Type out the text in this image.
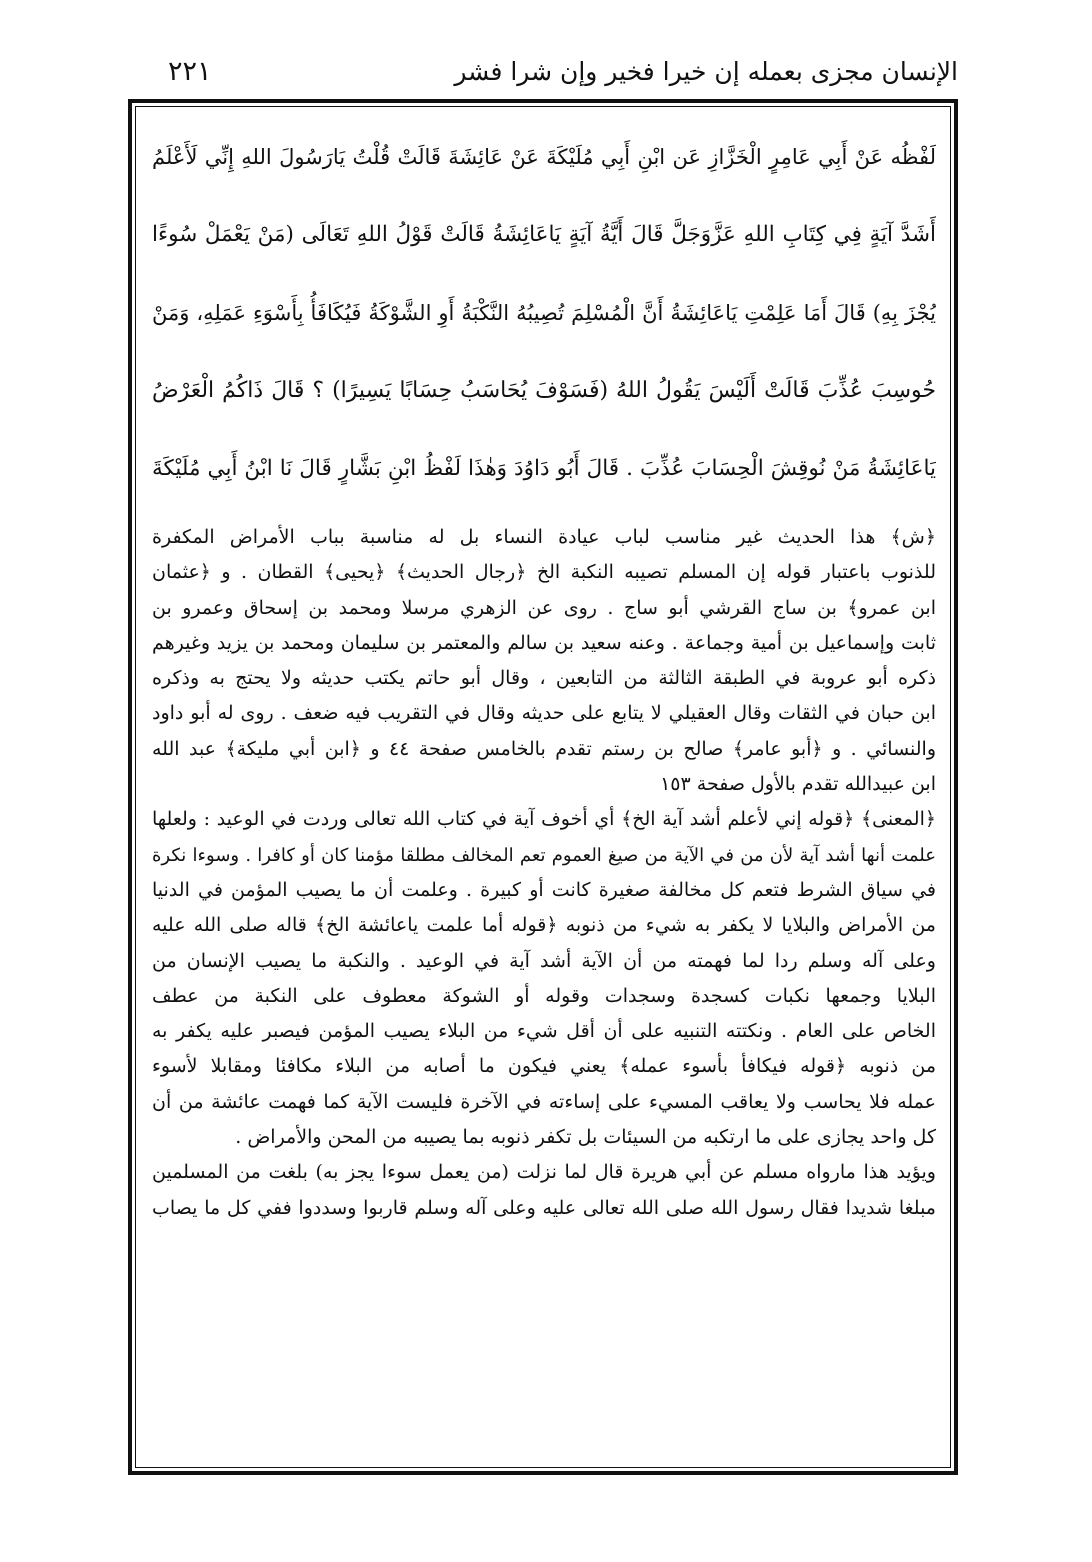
الإنسان مجزى بعمله إن خيرا فخير وإن شرا فشر
٢٢١
لَفْظُه عَنْ أَبِي عَامِرٍ الْخَزَّازِ عَن ابْنِ أَبِي مُلَيْكَةَ عَنْ عَائِشَةَ قَالَتْ قُلْتُ يَارَسُولَ اللهِ إِنِّي لَأَعْلَمُ
أَشَدَّ آيَةٍ فِي كِتَابِ اللهِ عَزَّوَجَلَّ قَالَ أَيَّةُ آيَةٍ يَاعَائِشَةُ قَالَتْ قَوْلُ اللهِ تَعَالَى (مَنْ يَعْمَلْ سُوءًا
يُجْزَ بِهِ) قَالَ أَمَا عَلِمْتِ يَاعَائِشَةُ أَنَّ الْمُسْلِمَ تُصِيبُهُ النَّكْبَةُ أَوِ الشَّوْكَةُ فَيُكَافَأُ بِأَسْوَءِ عَمَلِهِ، وَمَنْ
حُوسِبَ عُذِّبَ قَالَتْ أَلَيْسَ يَقُولُ اللهُ (فَسَوْفَ يُحَاسَبُ حِسَابًا يَسِيرًا) ؟ قَالَ ذَاكُمُ الْعَرْضُ
يَاعَائِشَةُ مَنْ نُوقِشَ الْحِسَابَ عُذِّبَ . قَالَ أَبُو دَاوُدَ وَهٰذَا لَفْظُ ابْنِ بَشَّارٍ قَالَ نَا ابْنُ أَبِي مُلَيْكَةَ
﴿ش﴾ هذا الحديث غير مناسب لباب عيادة النساء بل له مناسبة بباب الأمراض المكفرة
للذنوب باعتبار قوله إن المسلم تصيبه النكبة الخ ﴿رجال الحديث﴾ ﴿يحيى﴾ القطان . و ﴿عثمان
ابن عمرو﴾ بن ساج القرشي أبو ساج . روى عن الزهري مرسلا ومحمد بن إسحاق وعمرو بن
ثابت وإسماعيل بن أمية وجماعة . وعنه سعيد بن سالم والمعتمر بن سليمان ومحمد بن يزيد وغيرهم
ذكره أبو عروبة في الطبقة الثالثة من التابعين ، وقال أبو حاتم يكتب حديثه ولا يحتج به وذكره
ابن حبان في الثقات وقال العقيلي لا يتابع على حديثه وقال في التقريب فيه ضعف . روى له أبو داود
والنسائي . و ﴿أبو عامر﴾ صالح بن رستم تقدم بالخامس صفحة ٤٤ و ﴿ابن أبي مليكة﴾ عبد الله
ابن عبيدالله تقدم بالأول صفحة ١٥٣
﴿المعنى﴾ ﴿قوله إني لأعلم أشد آية الخ﴾ أي أخوف آية في كتاب الله تعالى وردت في الوعيد : ولعلها
علمت أنها أشد آية لأن من في الآية من صيغ العموم تعم المخالف مطلقا مؤمنا كان أو كافرا . وسوءا نكرة
في سياق الشرط فتعم كل مخالفة صغيرة كانت أو كبيرة . وعلمت أن ما يصيب المؤمن في الدنيا
من الأمراض والبلايا لا يكفر به شيء من ذنوبه ﴿قوله أما علمت ياعائشة الخ﴾ قاله صلى الله عليه
وعلى آله وسلم ردا لما فهمته من أن الآية أشد آية في الوعيد . والنكبة ما يصيب الإنسان من
البلايا وجمعها نكبات كسجدة وسجدات وقوله أو الشوكة معطوف على النكبة من عطف
الخاص على العام . ونكتته التنبيه على أن أقل شيء من البلاء يصيب المؤمن فيصبر عليه يكفر به
من ذنوبه ﴿قوله فيكافأ بأسوء عمله﴾ يعني فيكون ما أصابه من البلاء مكافئا ومقابلا لأسوء
عمله فلا يحاسب ولا يعاقب المسيء على إساءته في الآخرة فليست الآية كما فهمت عائشة من أن
كل واحد يجازى على ما ارتكبه من السيئات بل تكفر ذنوبه بما يصيبه من المحن والأمراض .
ويؤيد هذا مارواه مسلم عن أبي هريرة قال لما نزلت (من يعمل سوءا يجز به) بلغت من المسلمين
مبلغا شديدا فقال رسول الله صلى الله تعالى عليه وعلى آله وسلم قاربوا وسددوا ففي كل ما يصاب
